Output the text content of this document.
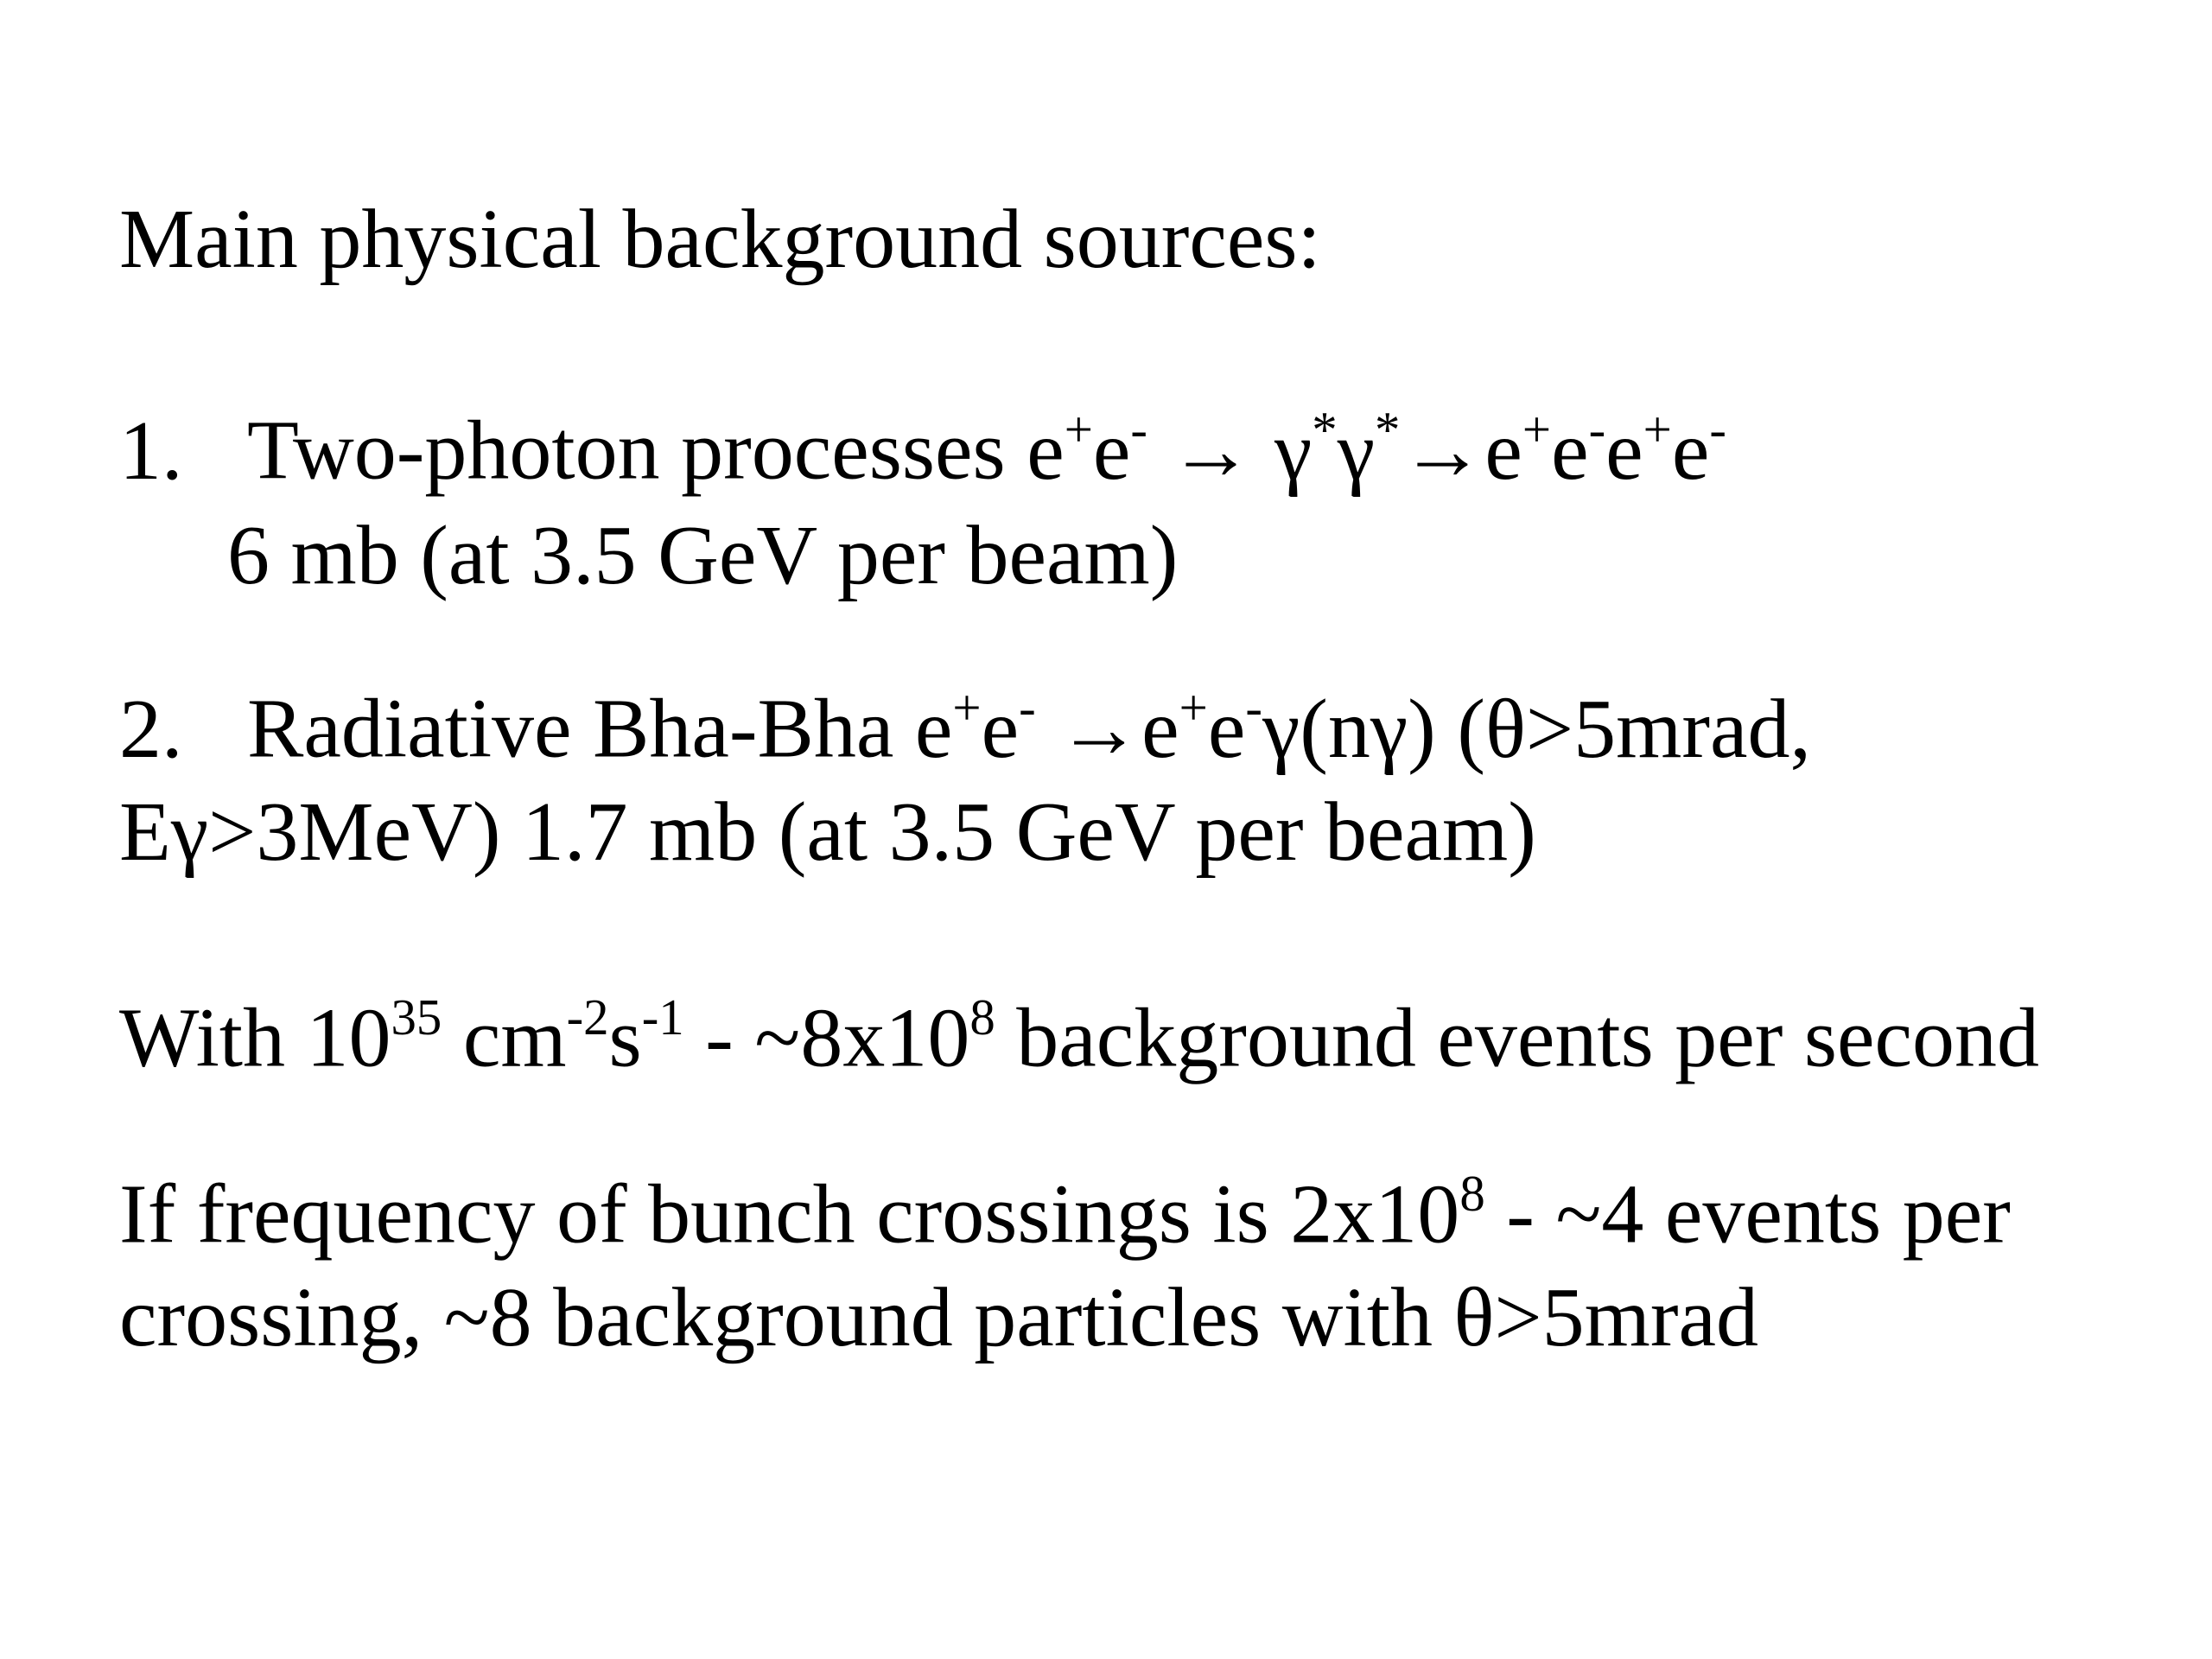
Main physical background sources:
1. Two-photon processes e+e- → γ*γ*→e+e-e+e-
6 mb (at 3.5 GeV per beam)
2. Radiative Bha-Bha e+e- →e+e-γ(nγ) (θ>5mrad,
Eγ>3MeV) 1.7 mb (at 3.5 GeV per beam)
With $10^{35}$ $cm^{-2}s^{-1}$ - $\sim 8x10^8$ background events per second
If frequency of bunch crossings is $2x10^8$ - ~4 events per
crossing, ~8 background particles with θ>5mrad
